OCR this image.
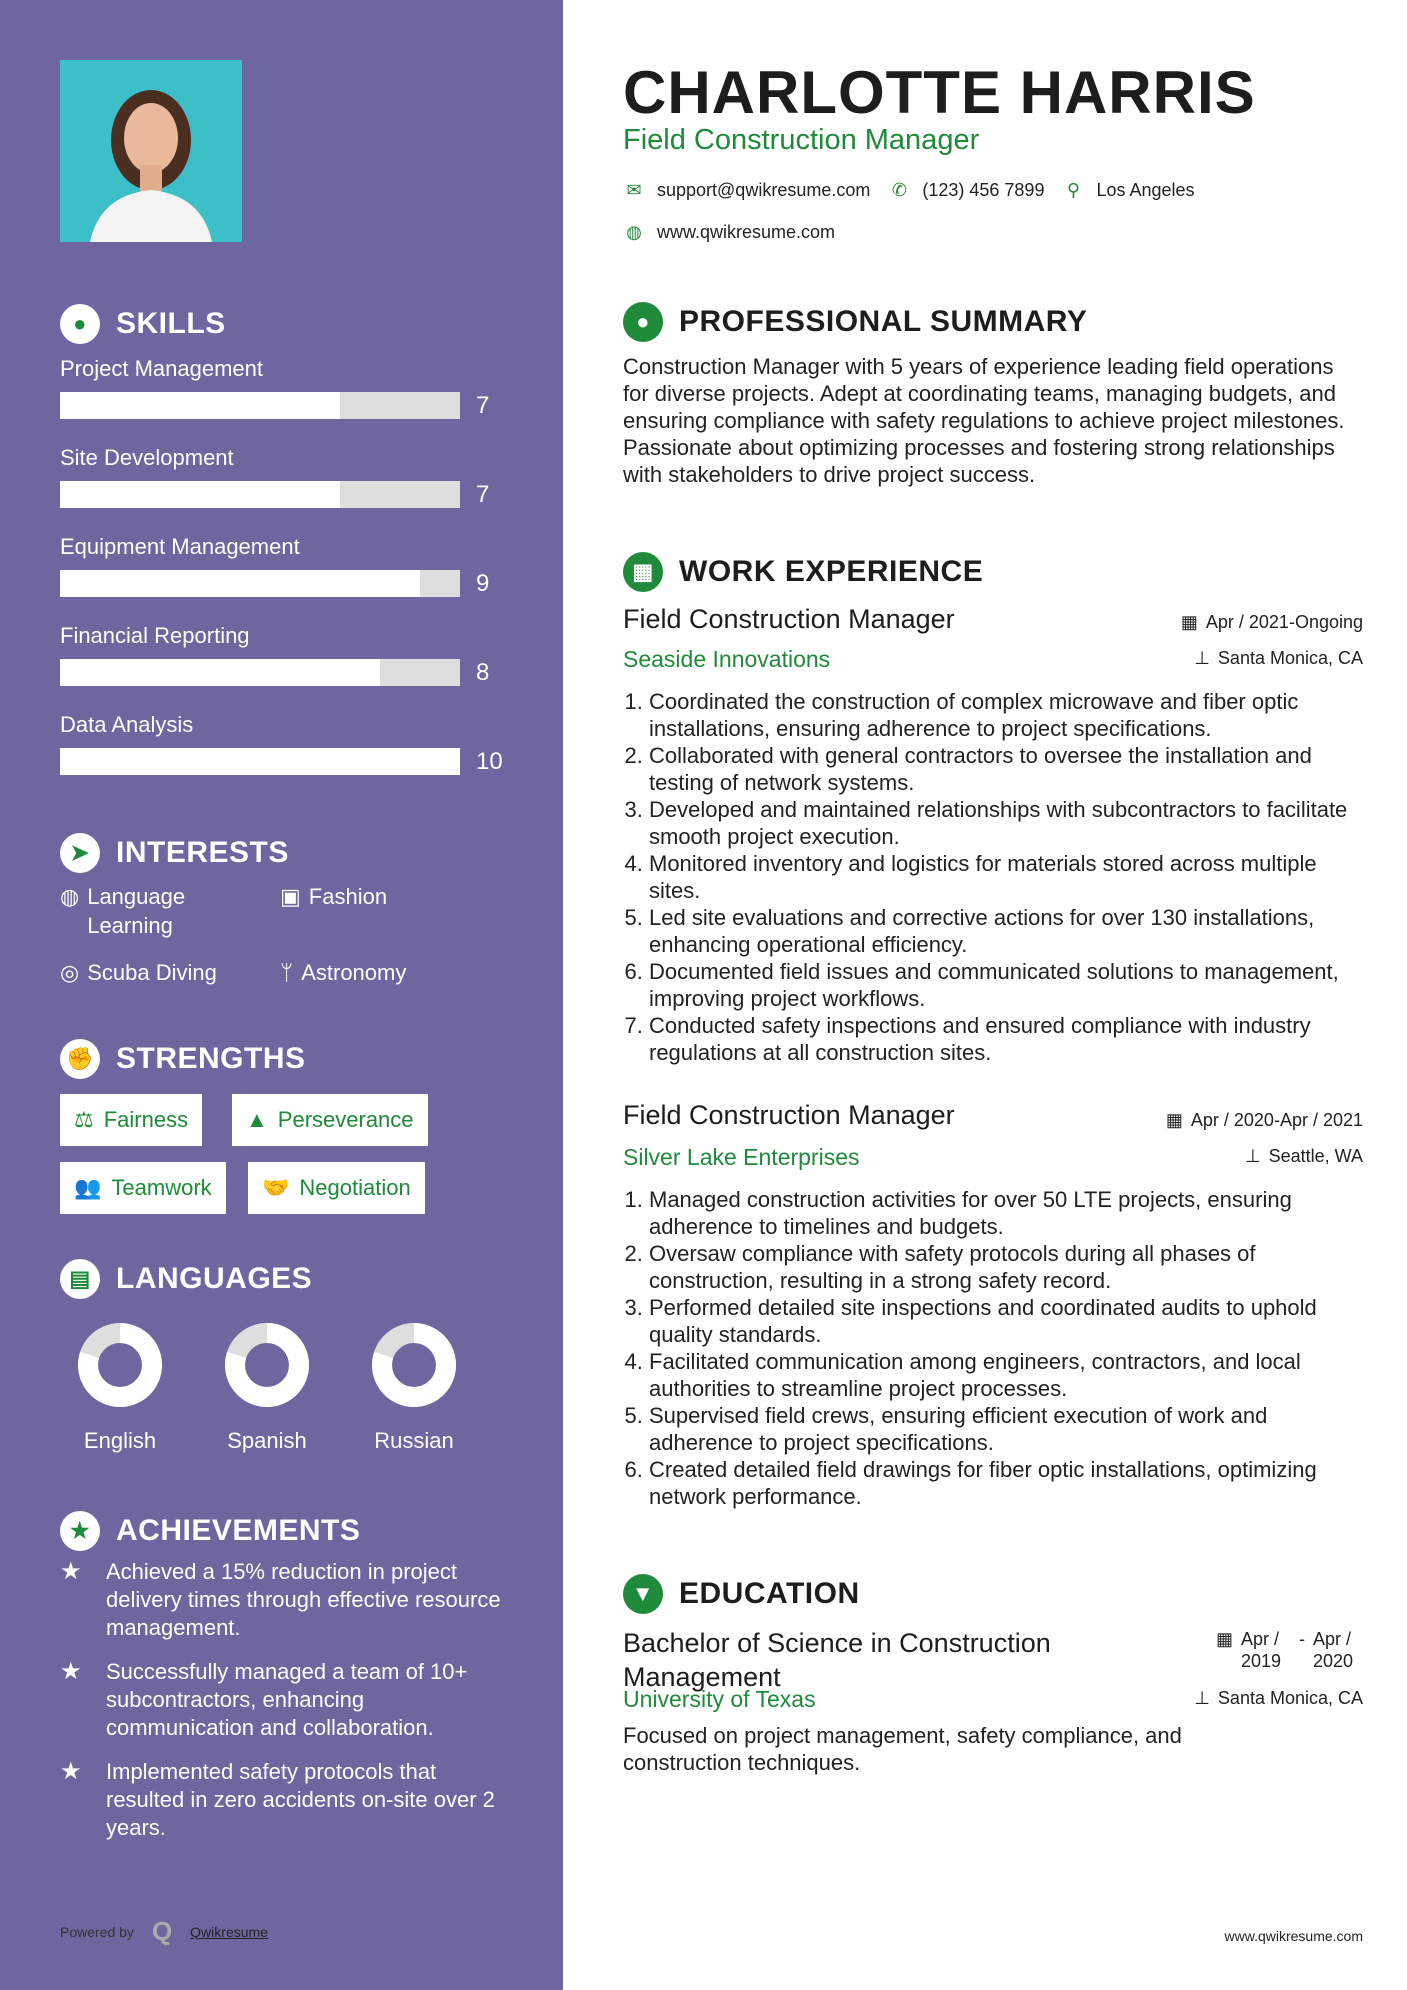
● SKILLS
Project Management
7
Site Development
7
Equipment Management
9
Financial Reporting
8
Data Analysis
10
➤ INTERESTS
◍ Language Learning
▣ Fashion
◎ Scuba Diving	ᛘ Astronomy
✊ STRENGTHS
⚖ Fairness	▲ Perseverance
👥 Teamwork 🤝 Negotiation
▤ LANGUAGES
English	Spanish	Russian
★ ACHIEVEMENTS
★	Achieved a 15% reduction in project delivery times through effective resource management.
★	Successfully managed a team of 10+ subcontractors, enhancing communication and collaboration.
★	Implemented safety protocols that resulted in zero accidents on-site over 2 years.
Powered by Q Qwikresume
CHARLOTTE HARRIS
Field Construction Manager
✉ support@qwikresume.com ✆ (123) 456 7899 ⚲ Los Angeles
◍ www.qwikresume.com
● PROFESSIONAL SUMMARY
Construction Manager with 5 years of experience leading field operations for diverse projects. Adept at coordinating teams, managing budgets, and ensuring compliance with safety regulations to achieve project milestones. Passionate about optimizing processes and fostering strong relationships with stakeholders to drive project success.
▦ WORK EXPERIENCE
Field Construction Manager	▦ Apr / 2021-Ongoing
Seaside Innovations	⊥ Santa Monica, CA
1. Coordinated the construction of complex microwave and fiber optic installations, ensuring adherence to project specifications.
2. Collaborated with general contractors to oversee the installation and testing of network systems.
3. Developed and maintained relationships with subcontractors to facilitate smooth project execution.
4. Monitored inventory and logistics for materials stored across multiple sites.
5. Led site evaluations and corrective actions for over 130 installations, enhancing operational efficiency.
6. Documented field issues and communicated solutions to management, improving project workflows.
7. Conducted safety inspections and ensured compliance with industry regulations at all construction sites.
Field Construction Manager	▦ Apr / 2020-Apr / 2021
Silver Lake Enterprises	⊥ Seattle, WA
1. Managed construction activities for over 50 LTE projects, ensuring adherence to timelines and budgets.
2. Oversaw compliance with safety protocols during all phases of construction, resulting in a strong safety record.
3. Performed detailed site inspections and coordinated audits to uphold quality standards.
4. Facilitated communication among engineers, contractors, and local authorities to streamline project processes.
5. Supervised field crews, ensuring efficient execution of work and adherence to project specifications.
6. Created detailed field drawings for fiber optic installations, optimizing network performance.
▼ EDUCATION
Bachelor of Science in Construction Management
▦ Apr / 2019
- Apr / 2020
University of Texas	⊥ Santa Monica, CA
Focused on project management, safety compliance, and construction techniques.
www.qwikresume.com
